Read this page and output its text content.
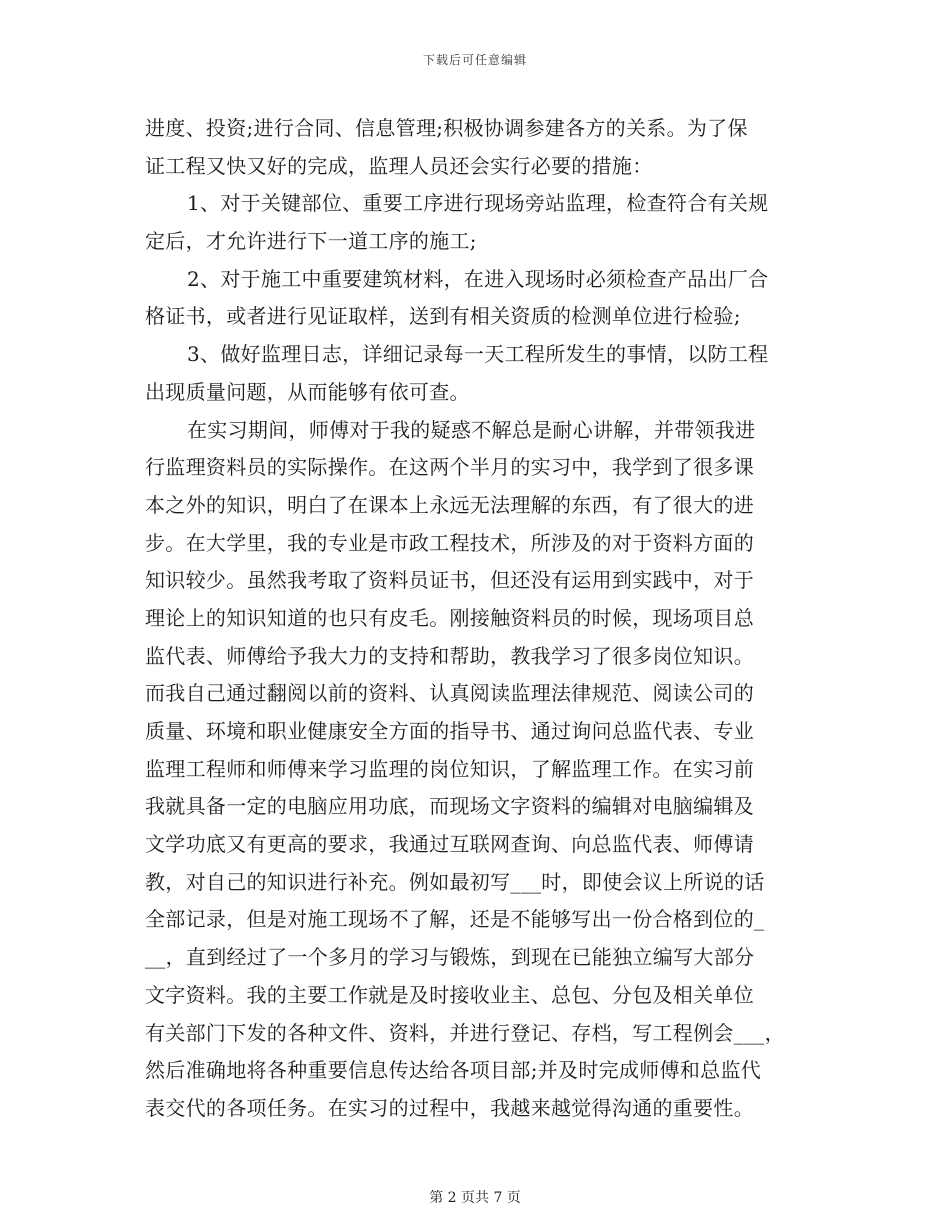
下载后可任意编辑
进度、投资;进行合同、信息管理;积极协调参建各方的关系。为了保
证工程又快又好的完成，监理人员还会实行必要的措施：
1、对于关键部位、重要工序进行现场旁站监理，检查符合有关规
定后，才允许进行下一道工序的施工;
2、对于施工中重要建筑材料，在进入现场时必须检查产品出厂合
格证书，或者进行见证取样，送到有相关资质的检测单位进行检验;
3、做好监理日志，详细记录每一天工程所发生的事情，以防工程
出现质量问题，从而能够有依可查。
在实习期间，师傅对于我的疑惑不解总是耐心讲解，并带领我进
行监理资料员的实际操作。在这两个半月的实习中，我学到了很多课
本之外的知识，明白了在课本上永远无法理解的东西，有了很大的进
步。在大学里，我的专业是市政工程技术，所涉及的对于资料方面的
知识较少。虽然我考取了资料员证书，但还没有运用到实践中，对于
理论上的知识知道的也只有皮毛。刚接触资料员的时候，现场项目总
监代表、师傅给予我大力的支持和帮助，教我学习了很多岗位知识。
而我自己通过翻阅以前的资料、认真阅读监理法律规范、阅读公司的
质量、环境和职业健康安全方面的指导书、通过询问总监代表、专业
监理工程师和师傅来学习监理的岗位知识，了解监理工作。在实习前
我就具备一定的电脑应用功底，而现场文字资料的编辑对电脑编辑及
文学功底又有更高的要求，我通过互联网查询、向总监代表、师傅请
教，对自己的知识进行补充。例如最初写___时，即使会议上所说的话
全部记录，但是对施工现场不了解，还是不能够写出一份合格到位的_
__，直到经过了一个多月的学习与锻炼，到现在已能独立编写大部分
文字资料。我的主要工作就是及时接收业主、总包、分包及相关单位
有关部门下发的各种文件、资料，并进行登记、存档，写工程例会___，
然后准确地将各种重要信息传达给各项目部;并及时完成师傅和总监代
表交代的各项任务。在实习的过程中，我越来越觉得沟通的重要性。
第 2 页共 7 页
